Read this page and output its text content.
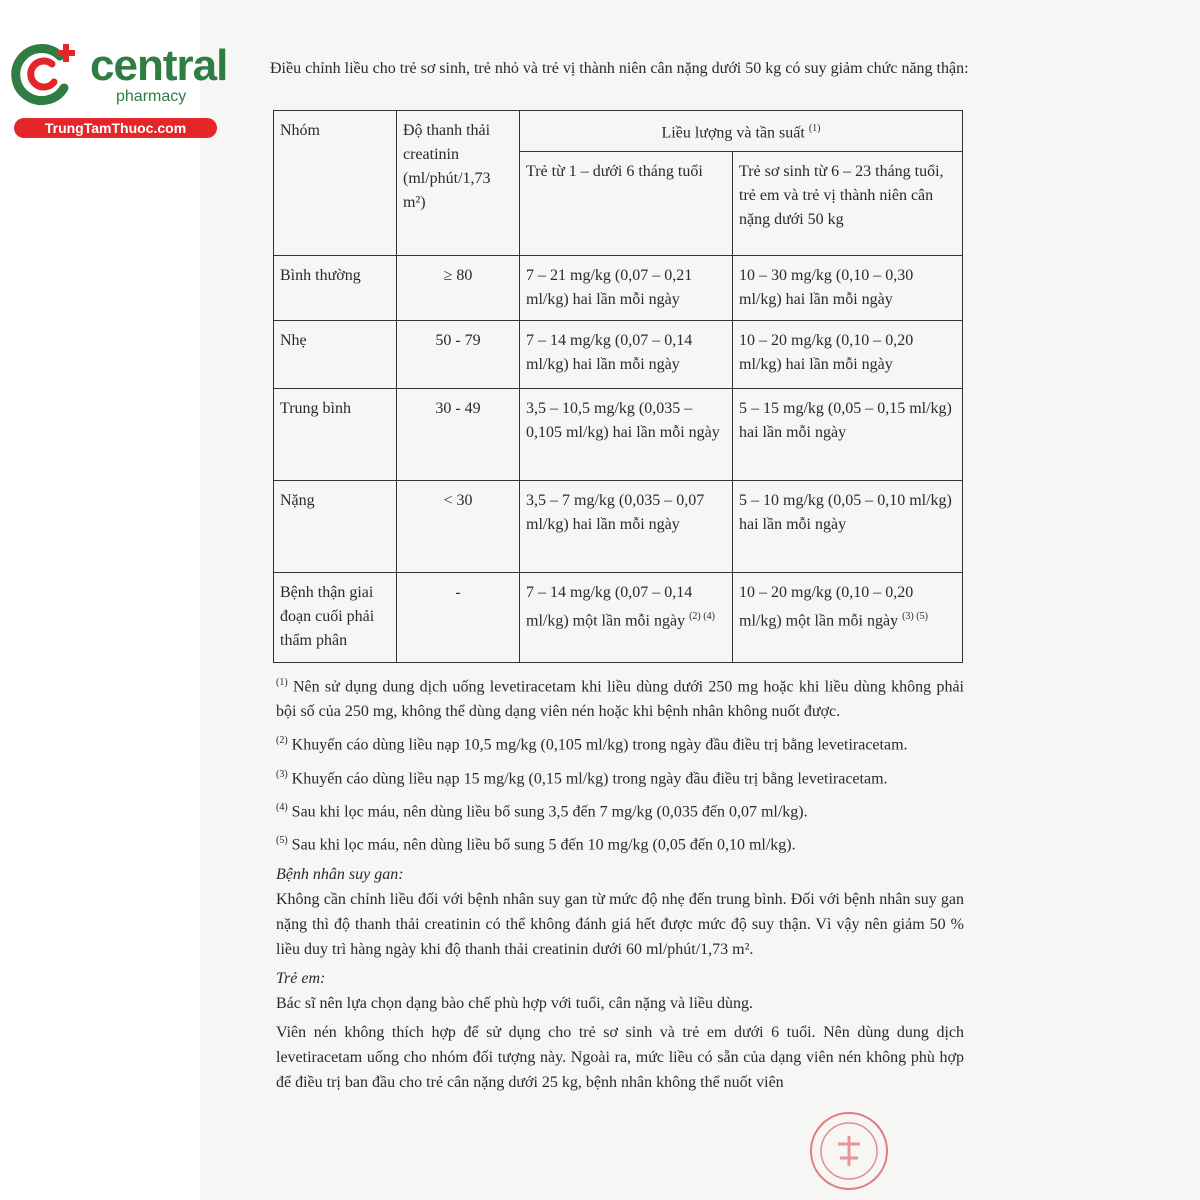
central
pharmacy
TrungTamThuoc.com
Điều chỉnh liều cho trẻ sơ sinh, trẻ nhỏ và trẻ vị thành niên cân nặng dưới 50 kg có suy giảm chức năng thận:
Nhóm	Độ thanh thải creatinin (ml/phút/1,73 m²)	Liều lượng và tần suất $^{(1)}$
		Trẻ từ 1 – dưới 6 tháng tuổi	Trẻ sơ sinh từ 6 – 23 tháng tuổi, trẻ em và trẻ vị thành niên cân nặng dưới 50 kg
Bình thường	≥ 80	7 – 21 mg/kg (0,07 – 0,21 ml/kg) hai lần mỗi ngày	10 – 30 mg/kg (0,10 – 0,30 ml/kg) hai lần mỗi ngày
Nhẹ	50 - 79	7 – 14 mg/kg (0,07 – 0,14 ml/kg) hai lần mỗi ngày	10 – 20 mg/kg (0,10 – 0,20 ml/kg) hai lần mỗi ngày
Trung bình	30 - 49	3,5 – 10,5 mg/kg (0,035 – 0,105 ml/kg) hai lần mỗi ngày	5 – 15 mg/kg (0,05 – 0,15 ml/kg) hai lần mỗi ngày
Nặng	< 30	3,5 – 7 mg/kg (0,035 – 0,07 ml/kg) hai lần mỗi ngày	5 – 10 mg/kg (0,05 – 0,10 ml/kg) hai lần mỗi ngày
Bệnh thận giai đoạn cuối phải thẩm phân	-	7 – 14 mg/kg (0,07 – 0,14 ml/kg) một lần mỗi ngày $^{(2) (4)}$	10 – 20 mg/kg (0,10 – 0,20 ml/kg) một lần mỗi ngày $^{(3) (5)}$

$^{(1)}$ Nên sử dụng dung dịch uống levetiracetam khi liều dùng dưới 250 mg hoặc khi liều dùng không phải bội số của 250 mg, không thể dùng dạng viên nén hoặc khi bệnh nhân không nuốt được.

$^{(2)}$ Khuyến cáo dùng liều nạp 10,5 mg/kg (0,105 ml/kg) trong ngày đầu điều trị bằng levetiracetam.

$^{(3)}$ Khuyến cáo dùng liều nạp 15 mg/kg (0,15 ml/kg) trong ngày đầu điều trị bằng levetiracetam.

$^{(4)}$ Sau khi lọc máu, nên dùng liều bổ sung 3,5 đến 7 mg/kg (0,035 đến 0,07 ml/kg).

$^{(5)}$ Sau khi lọc máu, nên dùng liều bổ sung 5 đến 10 mg/kg (0,05 đến 0,10 ml/kg).

Bệnh nhân suy gan:

Không cần chỉnh liều đối với bệnh nhân suy gan từ mức độ nhẹ đến trung bình. Đối với bệnh nhân suy gan nặng thì độ thanh thải creatinin có thể không đánh giá hết được mức độ suy thận. Vì vậy nên giảm 50 % liều duy trì hàng ngày khi độ thanh thải creatinin dưới 60 ml/phút/1,73 m².

Trẻ em:

Bác sĩ nên lựa chọn dạng bào chế phù hợp với tuổi, cân nặng và liều dùng.

Viên nén không thích hợp để sử dụng cho trẻ sơ sinh và trẻ em dưới 6 tuổi. Nên dùng dung dịch levetiracetam uống cho nhóm đối tượng này. Ngoài ra, mức liều có sẵn của dạng viên nén không phù hợp để điều trị ban đầu cho trẻ cân nặng dưới 25 kg, bệnh nhân không thể nuốt viên
